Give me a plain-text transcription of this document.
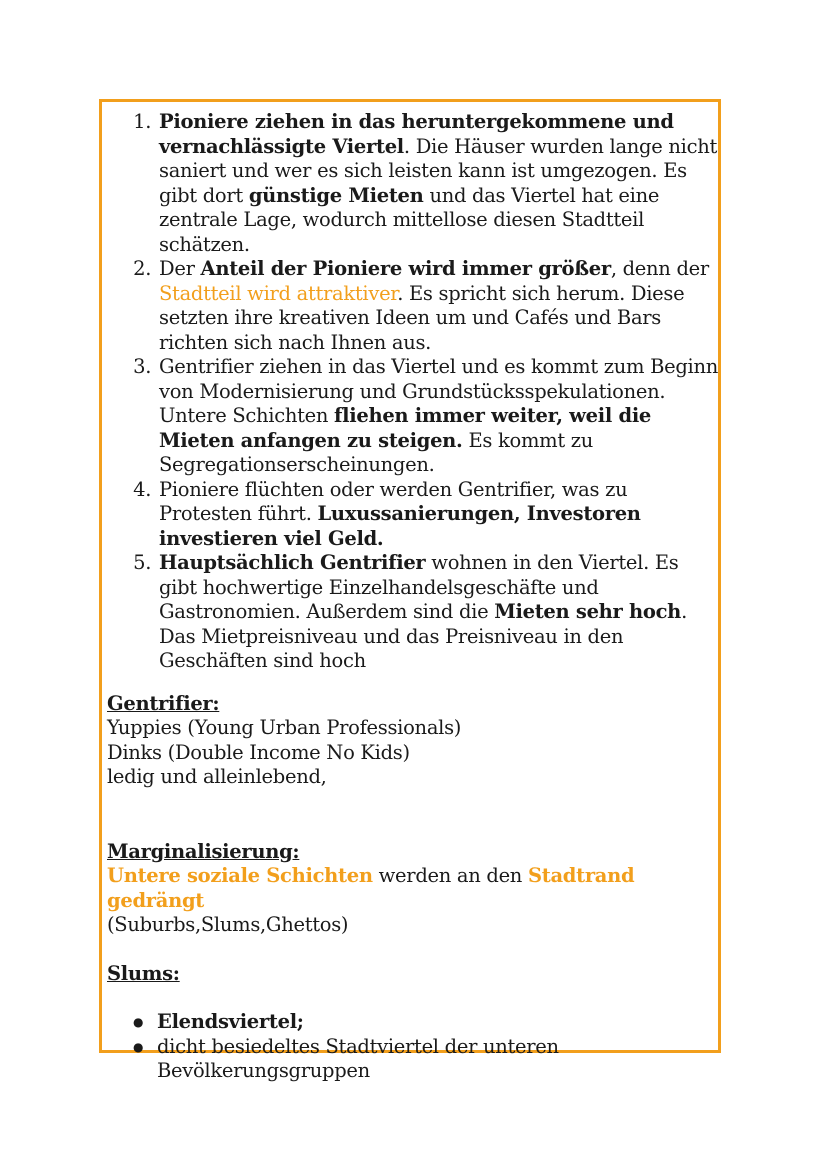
1. Pioniere ziehen in das heruntergekommene und vernachlässigte Viertel. Die Häuser wurden lange nicht saniert und wer es sich leisten kann ist umgezogen. Es gibt dort günstige Mieten und das Viertel hat eine zentrale Lage, wodurch mittellose diesen Stadtteil schätzen.
2. Der Anteil der Pioniere wird immer größer, denn der Stadtteil wird attraktiver. Es spricht sich herum. Diese setzten ihre kreativen Ideen um und Cafés und Bars richten sich nach Ihnen aus.
3. Gentrifier ziehen in das Viertel und es kommt zum Beginn von Modernisierung und Grundstücksspekulationen. Untere Schichten fliehen immer weiter, weil die Mieten anfangen zu steigen. Es kommt zu Segregationserscheinungen.
4. Pioniere flüchten oder werden Gentrifier, was zu Protesten führt. Luxussanierungen, Investoren investieren viel Geld.
5. Hauptsächlich Gentrifier wohnen in den Viertel. Es gibt hochwertige Einzelhandelsgeschäfte und Gastronomien. Außerdem sind die Mieten sehr hoch. Das Mietpreisniveau und das Preisniveau in den Geschäften sind hoch
Gentrifier:
Yuppies (Young Urban Professionals)
Dinks (Double Income No Kids)
ledig und alleinlebend,
Marginalisierung:
Untere soziale Schichten werden an den Stadtrand gedrängt
(Suburbs,Slums,Ghettos)
Slums:
● Elendsviertel;
● dicht besiedeltes Stadtviertel der unteren Bevölkerungsgruppen
